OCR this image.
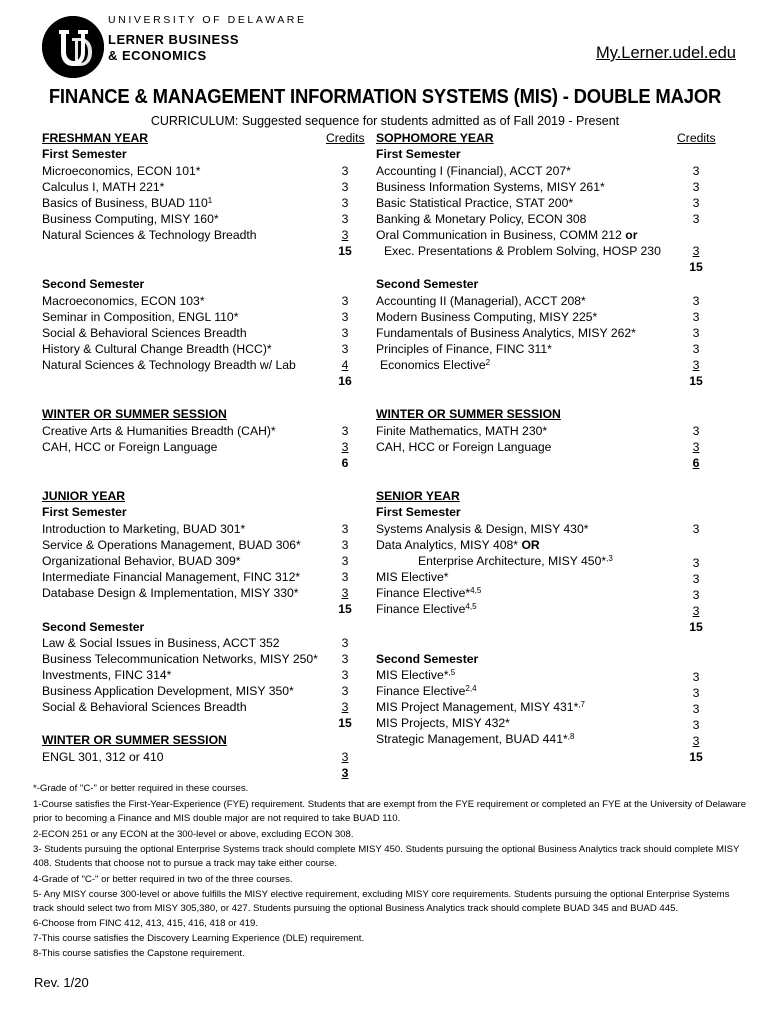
UNIVERSITY OF DELAWARE
LERNER BUSINESS
& ECONOMICS	My.Lerner.udel.edu
FINANCE & MANAGEMENT INFORMATION SYSTEMS (MIS) - DOUBLE MAJOR
CURRICULUM: Suggested sequence for students admitted as of Fall 2019 - Present
FRESHMAN YEAR	Credits
First Semester
Microeconomics, ECON 101*	3
Calculus I, MATH 221*	3
Basics of Business, BUAD $110^1$	3
Business Computing, MISY 160*	3
Natural Sciences & Technology Breadth	3
15
Second Semester
Macroeconomics, ECON 103*	3
Seminar in Composition, ENGL 110*	3
Social & Behavioral Sciences Breadth	3
History & Cultural Change Breadth (HCC)*	3
Natural Sciences & Technology Breadth w/ Lab	4
16
WINTER OR SUMMER SESSION
Creative Arts & Humanities Breadth (CAH)*	3
CAH, HCC or Foreign Language	3
6
SOPHOMORE YEAR	Credits
First Semester
Accounting I (Financial), ACCT 207*	3
Business Information Systems, MISY 261*	3
Basic Statistical Practice, STAT 200*	3
Banking & Monetary Policy, ECON 308	3
Oral Communication in Business, COMM 212 or
Exec. Presentations & Problem Solving, HOSP 230	3
15
Second Semester
Accounting II (Managerial), ACCT 208*	3
Modern Business Computing, MISY 225*	3
Fundamentals of Business Analytics, MISY 262*	3
Principles of Finance, FINC 311*	3
Economics Elective$^2$	3
15
WINTER OR SUMMER SESSION
Finite Mathematics, MATH 230*	3
CAH, HCC or Foreign Language	3
6
JUNIOR YEAR
First Semester
Introduction to Marketing, BUAD 301*	3
Service & Operations Management, BUAD 306*	3
Organizational Behavior, BUAD 309*	3
Intermediate Financial Management, FINC 312*	3
Database Design & Implementation, MISY 330*	3
15
Second Semester
Law & Social Issues in Business, ACCT 352	3
Business Telecommunication Networks, MISY 250*	3
Investments, FINC 314*	3
Business Application Development, MISY 350*	3
Social & Behavioral Sciences Breadth	3
15
WINTER OR SUMMER SESSION
ENGL 301, 312 or 410	3
3
SENIOR YEAR
First Semester
Systems Analysis & Design, MISY 430*	3
Data Analytics, MISY 408* OR
Enterprise Architecture, MISY 450*$^{,3}$	3
MIS Elective*	3
Finance Elective*$^{4,5}$	3
Finance Elective$^{4,5}$	3
15
Second Semester
MIS Elective*$^{,5}$	3
Finance Elective$^{2,4}$	3
MIS Project Management, MISY 431*$^{,7}$	3
MIS Projects, MISY 432*	3
Strategic Management, BUAD 441*$^{,8}$	3
15
*-Grade of "C-" or better required in these courses.
1-Course satisfies the First-Year-Experience (FYE) requirement. Students that are exempt from the FYE requirement or completed an FYE at the University of Delaware
prior to becoming a Finance and MIS double major are not required to take BUAD 110.
2-ECON 251 or any ECON at the 300-level or above, excluding ECON 308.
3- Students pursuing the optional Enterprise Systems track should complete MISY 450. Students pursuing the optional Business Analytics track should complete MISY
408. Students that choose not to pursue a track may take either course.
4-Grade of "C-" or better required in two of the three courses.
5- Any MISY course 300-level or above fulfills the MISY elective requirement, excluding MISY core requirements. Students pursuing the optional Enterprise Systems
track should select two from MISY 305,380, or 427. Students pursuing the optional Business Analytics track should complete BUAD 345 and BUAD 445.
6-Choose from FINC 412, 413, 415, 416, 418 or 419.
7-This course satisfies the Discovery Learning Experience (DLE) requirement.
8-This course satisfies the Capstone requirement.
Rev. 1/20
